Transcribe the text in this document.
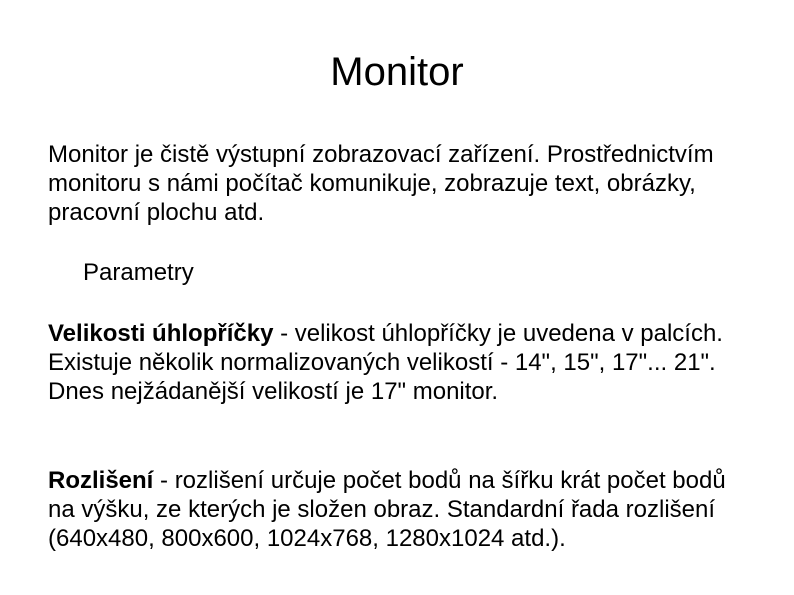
Monitor
Monitor je čistě výstupní zobrazovací zařízení. Prostřednictvím monitoru s námi počítač komunikuje, zobrazuje text, obrázky, pracovní plochu atd.
Parametry
Velikosti úhlopříčky - velikost úhlopříčky je uvedena v palcích. Existuje několik normalizovaných velikostí - 14", 15", 17"... 21". Dnes nejžádanější velikostí je 17" monitor.
Rozlišení - rozlišení určuje počet bodů na šířku krát počet bodů na výšku, ze kterých je složen obraz. Standardní řada rozlišení (640x480, 800x600, 1024x768, 1280x1024 atd.).
